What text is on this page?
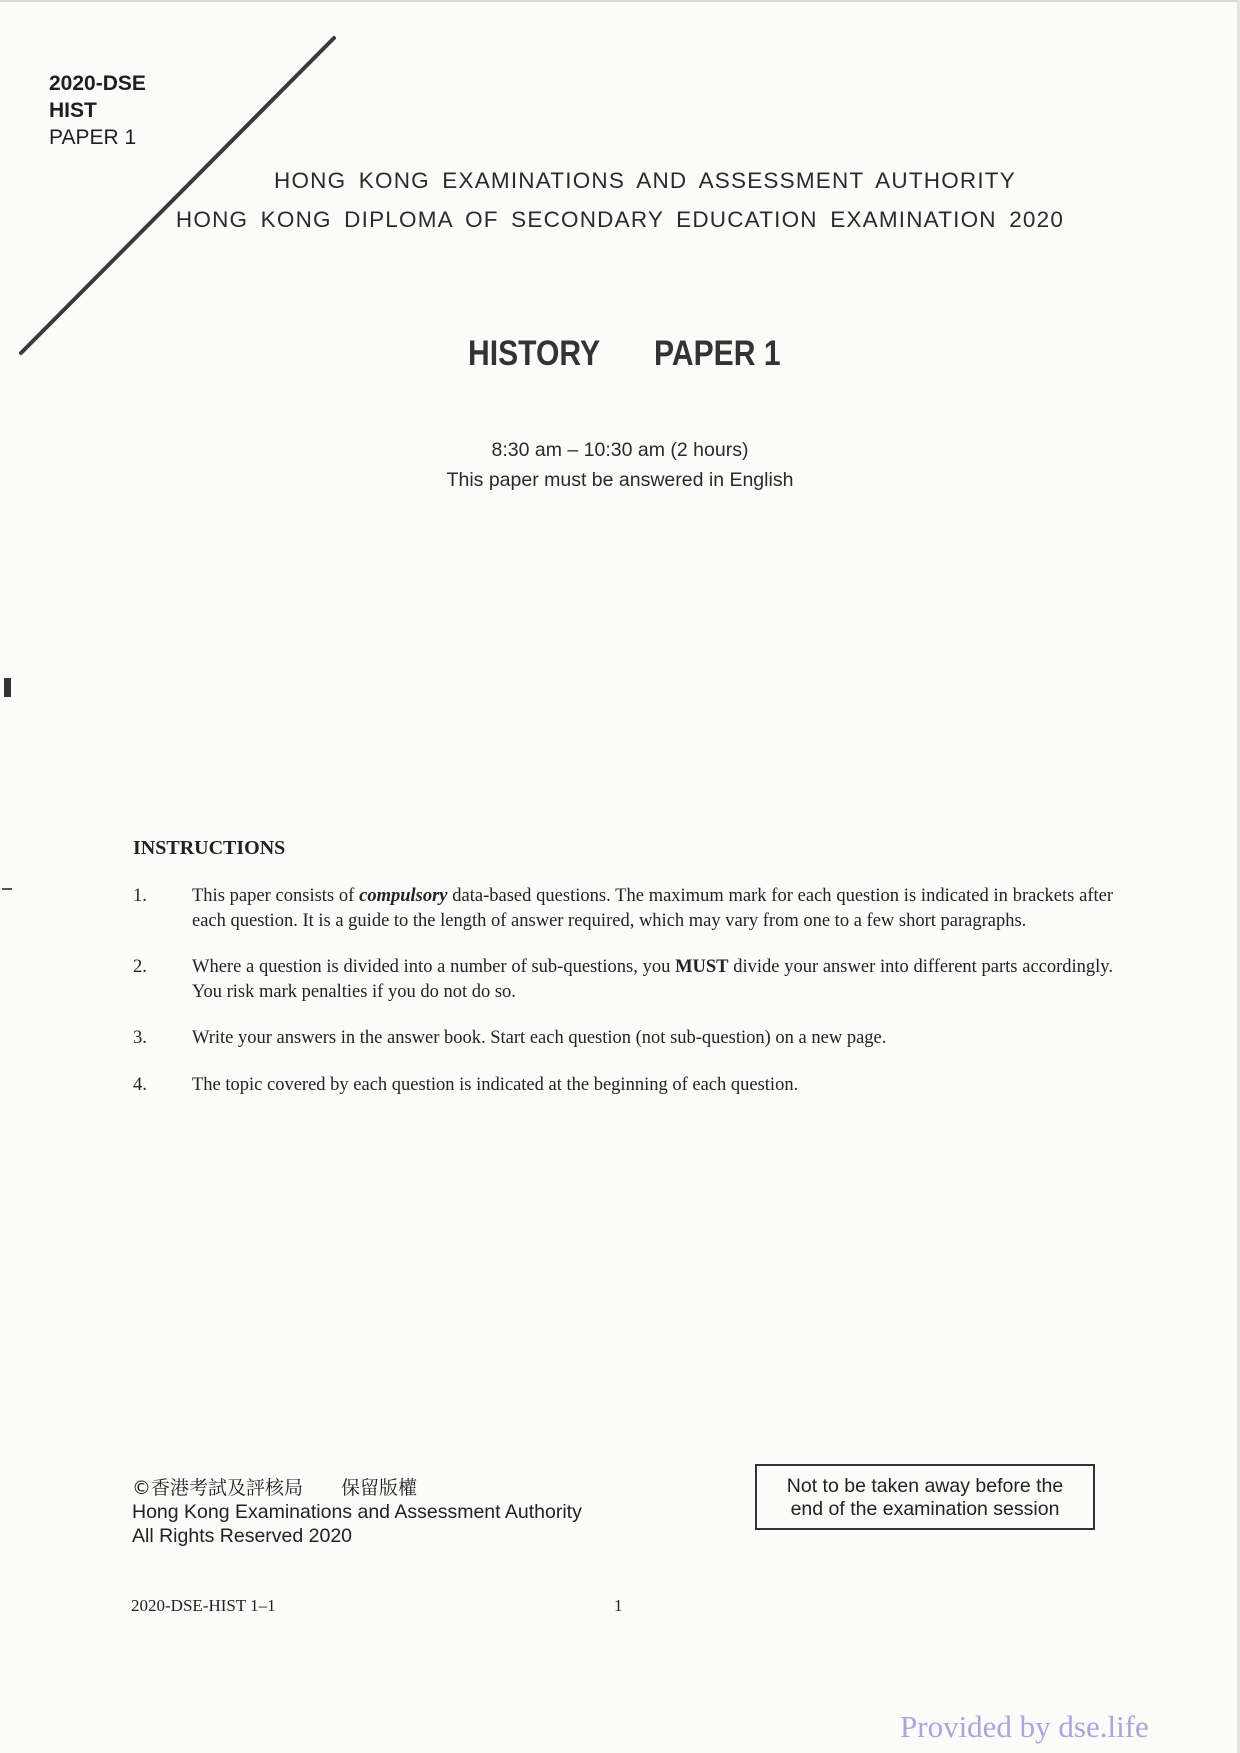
2020-DSE
HIST
PAPER 1
HONG KONG EXAMINATIONS AND ASSESSMENT AUTHORITY
HONG KONG DIPLOMA OF SECONDARY EDUCATION EXAMINATION 2020
HISTORY PAPER 1
8:30 am – 10:30 am (2 hours)
This paper must be answered in English
INSTRUCTIONS
1.	This paper consists of compulsory data-based questions. The maximum mark for each question is indicated in brackets after each question. It is a guide to the length of answer required, which may vary from one to a few short paragraphs.
2.	Where a question is divided into a number of sub-questions, you MUST divide your answer into different parts accordingly. You risk mark penalties if you do not do so.
3.	Write your answers in the answer book. Start each question (not sub-question) on a new page.
4.	The topic covered by each question is indicated at the beginning of each question.
©香港考試及評核局　　保留版權
Hong Kong Examinations and Assessment Authority
All Rights Reserved 2020
Not to be taken away before the
end of the examination session
2020-DSE-HIST 1–1	1
Provided by dse.life
